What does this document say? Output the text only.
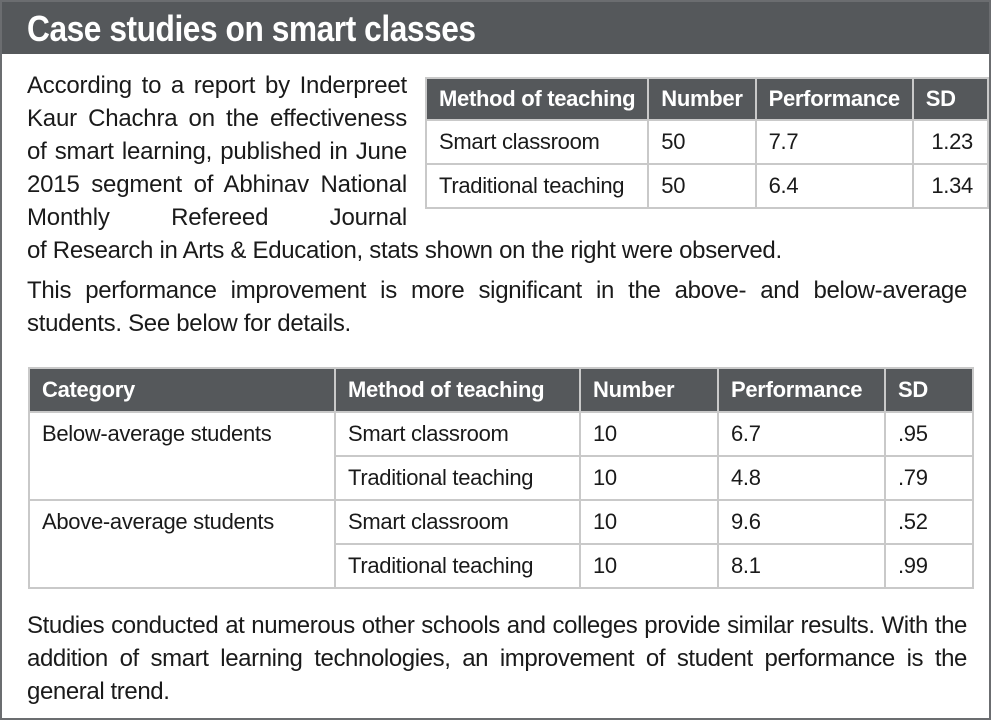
Case studies on smart classes
According to a report by Inderpreet Kaur Chachra on the effectiveness of smart learning, published in June 2015 segment of Abhinav National Monthly Refereed Journal
Method of teaching	Number	Performance	SD
Smart classroom	50	7.7	1.23
Traditional teaching	50	6.4	1.34
of Research in Arts & Education, stats shown on the right were observed.
This performance improvement is more significant in the above- and below-average students. See below for details.
Category	Method of teaching	Number	Performance	SD
Below-average students	Smart classroom	10	6.7	.95
	Traditional teaching	10	4.8	.79
Above-average students	Smart classroom	10	9.6	.52
	Traditional teaching	10	8.1	.99
Studies conducted at numerous other schools and colleges provide similar results. With the addition of smart learning technologies, an improvement of student performance is the general trend.
